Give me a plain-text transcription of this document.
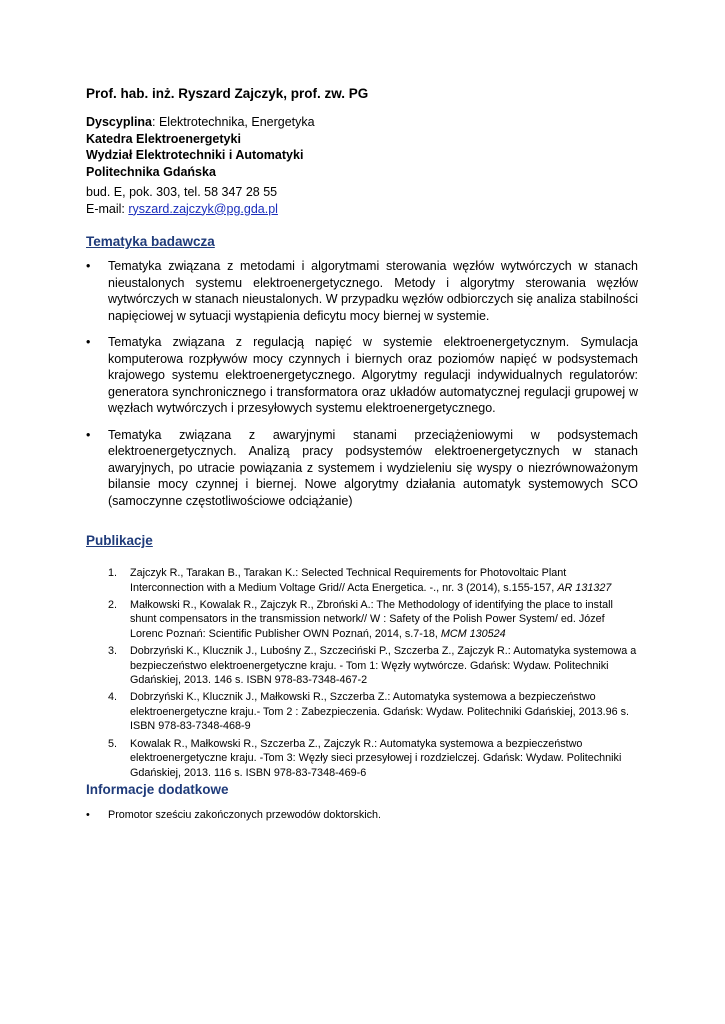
Prof. hab. inż. Ryszard Zajczyk, prof. zw. PG
Dyscyplina: Elektrotechnika, Energetyka
Katedra Elektroenergetyki
Wydział Elektrotechniki i Automatyki
Politechnika Gdańska
bud. E, pok. 303, tel. 58 347 28 55
E-mail: ryszard.zajczyk@pg.gda.pl
Tematyka badawcza
• Tematyka związana z metodami i algorytmami sterowania węzłów wytwórczych w stanach nieustalonych systemu elektroenergetycznego. Metody i algorytmy sterowania węzłów wytwórczych w stanach nieustalonych. W przypadku węzłów odbiorczych się analiza stabilności napięciowej w sytuacji wystąpienia deficytu mocy biernej w systemie.
• Tematyka związana z regulacją napięć w systemie elektroenergetycznym. Symulacja komputerowa rozpływów mocy czynnych i biernych oraz poziomów napięć w podsystemach krajowego systemu elektroenergetycznego. Algorytmy regulacji indywidualnych regulatorów: generatora synchronicznego i transformatora oraz układów automatycznej regulacji grupowej w węzłach wytwórczych i przesyłowych systemu elektroenergetycznego.
• Tematyka związana z awaryjnymi stanami przeciążeniowymi w podsystemach elektroenergetycznych. Analizą pracy podsystemów elektroenergetycznych w stanach awaryjnych, po utracie powiązania z systemem i wydzieleniu się wyspy o niezrównoważonym bilansie mocy czynnej i biernej. Nowe algorytmy działania automatyk systemowych SCO (samoczynne częstotliwościowe odciążanie)
Publikacje
1. Zajczyk R., Tarakan B., Tarakan K.: Selected Technical Requirements for Photovoltaic Plant Interconnection with a Medium Voltage Grid// Acta Energetica. -., nr. 3 (2014), s.155-157, AR 131327
2. Małkowski R., Kowalak R., Zajczyk R., Zbroński A.: The Methodology of identifying the place to install shunt compensators in the transmission network// W : Safety of the Polish Power System/ ed. Józef Lorenc Poznań: Scientific Publisher OWN Poznań, 2014, s.7-18, MCM 130524
3. Dobrzyński K., Klucznik J., Lubośny Z., Szczeciński P., Szczerba Z., Zajczyk R.: Automatyka systemowa a bezpieczeństwo elektroenergetyczne kraju. - Tom 1: Węzły wytwórcze. Gdańsk: Wydaw. Politechniki Gdańskiej, 2013. 146 s. ISBN 978-83-7348-467-2
4. Dobrzyński K., Klucznik J., Małkowski R., Szczerba Z.: Automatyka systemowa a bezpieczeństwo elektroenergetyczne kraju.- Tom 2 : Zabezpieczenia. Gdańsk: Wydaw. Politechniki Gdańskiej, 2013.96 s. ISBN 978-83-7348-468-9
5. Kowalak R., Małkowski R., Szczerba Z., Zajczyk R.: Automatyka systemowa a bezpieczeństwo elektroenergetyczne kraju. -Tom 3: Węzły sieci przesyłowej i rozdzielczej. Gdańsk: Wydaw. Politechniki Gdańskiej, 2013. 116 s. ISBN 978-83-7348-469-6
Informacje dodatkowe
• Promotor sześciu zakończonych przewodów doktorskich.
